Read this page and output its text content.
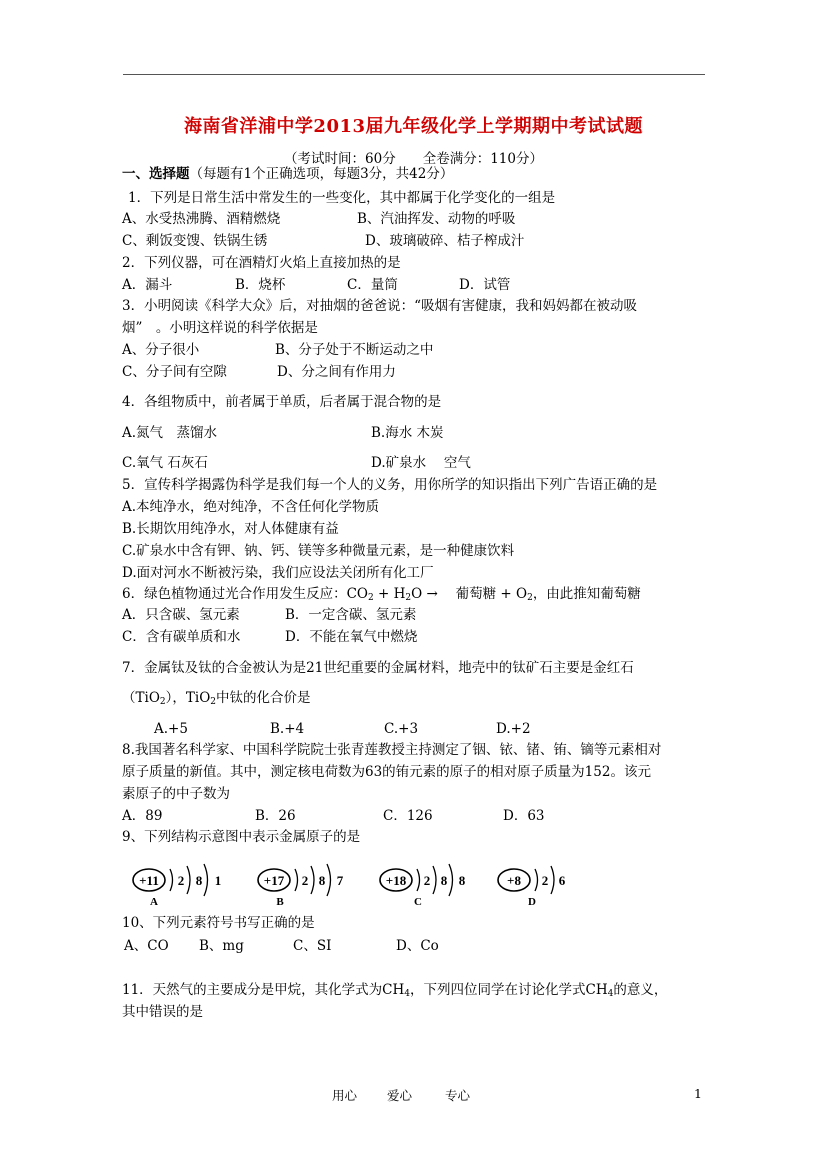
海南省洋浦中学2013届九年级化学上学期期中考试试题
（考试时间：60分　　全卷满分：110分）
一、选择题（每题有1个正确选项，每题3分，共42分）
1．下列是日常生活中常发生的一些变化，其中都属于化学变化的一组是
A、水受热沸腾、酒精燃烧	B、汽油挥发、动物的呼吸
C、剩饭变馊、铁锅生锈	D、玻璃破碎、桔子榨成汁
2．下列仪器，可在酒精灯火焰上直接加热的是
A．漏斗	B．烧杯	C．量筒	D．试管
3．小明阅读《科学大众》后，对抽烟的爸爸说：“吸烟有害健康，我和妈妈都在被动吸
烟”　。小明这样说的科学依据是
A、分子很小	B、分子处于不断运动之中
C、分子间有空隙	D、分之间有作用力
4．各组物质中，前者属于单质，后者属于混合物的是
A.氮气　蒸馏水	B.海水 木炭
C.氧气 石灰石	D.矿泉水　 空气
5．宣传科学揭露伪科学是我们每一个人的义务，用你所学的知识指出下列广告语正确的是
A.本纯净水，绝对纯净，不含任何化学物质
B.长期饮用纯净水，对人体健康有益
C.矿泉水中含有钾、钠、钙、镁等多种微量元素，是一种健康饮料
D.面对河水不断被污染，我们应设法关闭所有化工厂
6．绿色植物通过光合作用发生反应：$CO_2 + H_2O$ →　 葡萄糖 + $O_2$，由此推知葡萄糖
A．只含碳、氢元素	B．一定含碳、氢元素
C．含有碳单质和水	D．不能在氧气中燃烧
7．金属钛及钛的合金被认为是21世纪重要的金属材料，地壳中的钛矿石主要是金红石
（TiO$_2$），TiO$_2$中钛的化合价是
A.+5	B.+4	C.+3	D.+2
8.我国著名科学家、中国科学院院士张青莲教授主持测定了铟、铱、锗、铕、镝等元素相对
原子质量的新值。其中，测定核电荷数为63的铕元素的原子的相对原子质量为152。该元
素原子的中子数为
A．89	B．26	C．126	D．63
9、下列结构示意图中表示金属原子的是
+11 2 8 1
A
+17 2 8 7
B
+18 2 8 8
C
+8 2 6
D
10、下列元素符号书写正确的是
A、CO B、mg	C、SI	D、Co
11．天然气的主要成分是甲烷，其化学式为$CH_4$，下列四位同学在讨论化学式$CH_4$的意义，
其中错误的是
用心 爱心	专心	1
